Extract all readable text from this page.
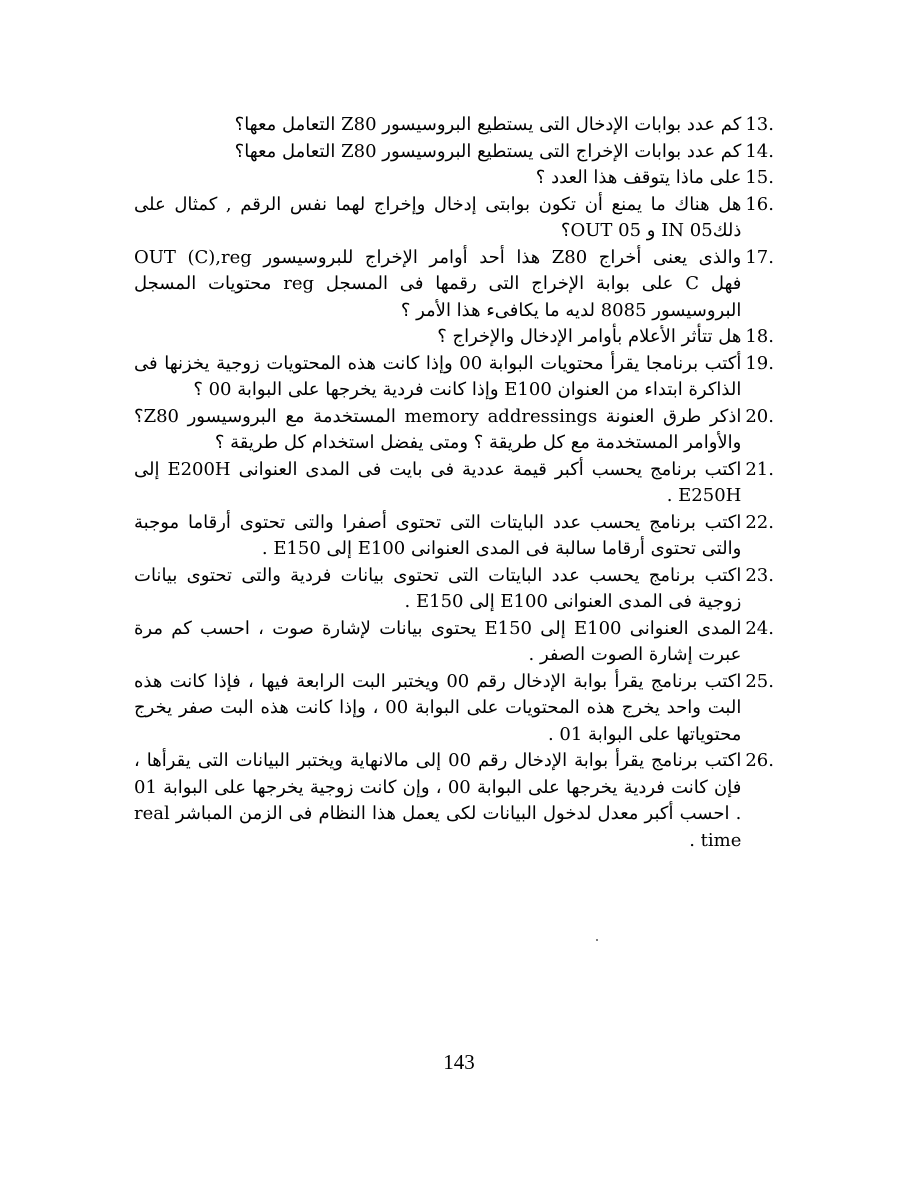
13.
كم عدد بوابات الإدخال التى يستطيع البروسيسور Z80 التعامل معها؟
14.
كم عدد بوابات الإخراج التى يستطيع البروسيسور Z80 التعامل معها؟
15.
على ماذا يتوقف هذا العدد ؟
16.
هل هناك ما يمنع أن تكون بوابتى إدخال وإخراج لهما نفس الرقم , كمثال على ذلكIN 05 و OUT 05؟
17.
OUT (C),reg هذا أحد أوامر الإخراج للبروسيسور Z80 والذى يعنى أخراج محتويات المسجل reg على بوابة الإخراج التى رقمها فى المسجل C فهل البروسيسور 8085 لديه ما يكافىء هذا الأمر ؟
18.
هل تتأثر الأعلام بأوامر الإدخال والإخراج ؟
19.
أكتب برنامجا يقرأ محتويات البوابة 00 وإذا كانت هذه المحتويات زوجية يخزنها فى الذاكرة ابتداء من العنوان E100 وإذا كانت فردية يخرجها على البوابة 00 ؟
20.
اذكر طرق العنونة memory addressings المستخدمة مع البروسيسور Z80؟ والأوامر المستخدمة مع كل طريقة ؟ ومتى يفضل استخدام كل طريقة ؟
21.
اكتب برنامج يحسب أكبر قيمة عددية فى بايت فى المدى العنوانى E200H إلى E250H .
22.
اكتب برنامج يحسب عدد البايتات التى تحتوى أصفرا والتى تحتوى أرقاما موجبة والتى تحتوى أرقاما سالبة فى المدى العنوانى E100 إلى E150 .
23.
اكتب برنامج يحسب عدد البايتات التى تحتوى بيانات فردية والتى تحتوى بيانات زوجية فى المدى العنوانى E100 إلى E150 .
24.
المدى العنوانى E100 إلى E150 يحتوى بيانات لإشارة صوت ، احسب كم مرة عبرت إشارة الصوت الصفر .
25.
اكتب برنامج يقرأ بوابة الإدخال رقم 00 ويختبر البت الرابعة فيها ، فإذا كانت هذه البت واحد يخرج هذه المحتويات على البوابة 00 ، وإذا كانت هذه البت صفر يخرج محتوياتها على البوابة 01 .
26.
اكتب برنامج يقرأ بوابة الإدخال رقم 00 إلى مالانهاية ويختبر البيانات التى يقرأها ، فإن كانت فردية يخرجها على البوابة 00 ، وإن كانت زوجية يخرجها على البوابة 01 . احسب أكبر معدل لدخول البيانات لكى يعمل هذا النظام فى الزمن المباشر real time .
143
